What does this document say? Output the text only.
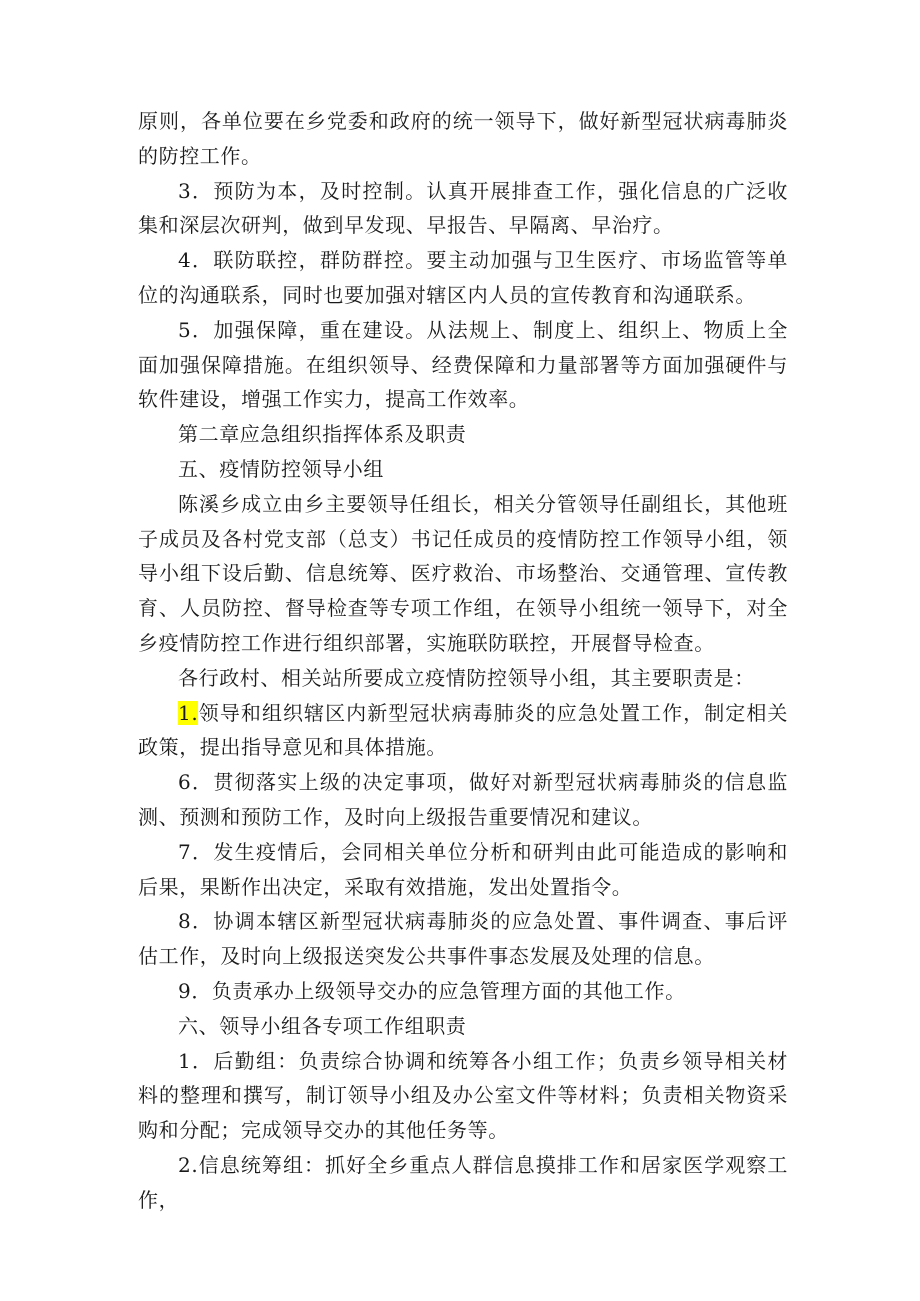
原则，各单位要在乡党委和政府的统一领导下，做好新型冠状病毒肺炎的防控工作。

3．预防为本，及时控制。认真开展排查工作，强化信息的广泛收集和深层次研判，做到早发现、早报告、早隔离、早治疗。

4．联防联控，群防群控。要主动加强与卫生医疗、市场监管等单位的沟通联系，同时也要加强对辖区内人员的宣传教育和沟通联系。

5．加强保障，重在建设。从法规上、制度上、组织上、物质上全面加强保障措施。在组织领导、经费保障和力量部署等方面加强硬件与软件建设，增强工作实力，提高工作效率。

第二章应急组织指挥体系及职责

五、疫情防控领导小组

陈溪乡成立由乡主要领导任组长，相关分管领导任副组长，其他班子成员及各村党支部（总支）书记任成员的疫情防控工作领导小组，领导小组下设后勤、信息统筹、医疗救治、市场整治、交通管理、宣传教育、人员防控、督导检查等专项工作组，在领导小组统一领导下，对全乡疫情防控工作进行组织部署，实施联防联控，开展督导检查。

各行政村、相关站所要成立疫情防控领导小组，其主要职责是：

1.领导和组织辖区内新型冠状病毒肺炎的应急处置工作，制定相关政策，提出指导意见和具体措施。

6．贯彻落实上级的决定事项，做好对新型冠状病毒肺炎的信息监测、预测和预防工作，及时向上级报告重要情况和建议。

7．发生疫情后，会同相关单位分析和研判由此可能造成的影响和后果，果断作出决定，采取有效措施，发出处置指令。

8．协调本辖区新型冠状病毒肺炎的应急处置、事件调查、事后评估工作，及时向上级报送突发公共事件事态发展及处理的信息。

9．负责承办上级领导交办的应急管理方面的其他工作。

六、领导小组各专项工作组职责

1．后勤组：负责综合协调和统筹各小组工作；负责乡领导相关材料的整理和撰写，制订领导小组及办公室文件等材料；负责相关物资采购和分配；完成领导交办的其他任务等。

2.信息统筹组：抓好全乡重点人群信息摸排工作和居家医学观察工作，
